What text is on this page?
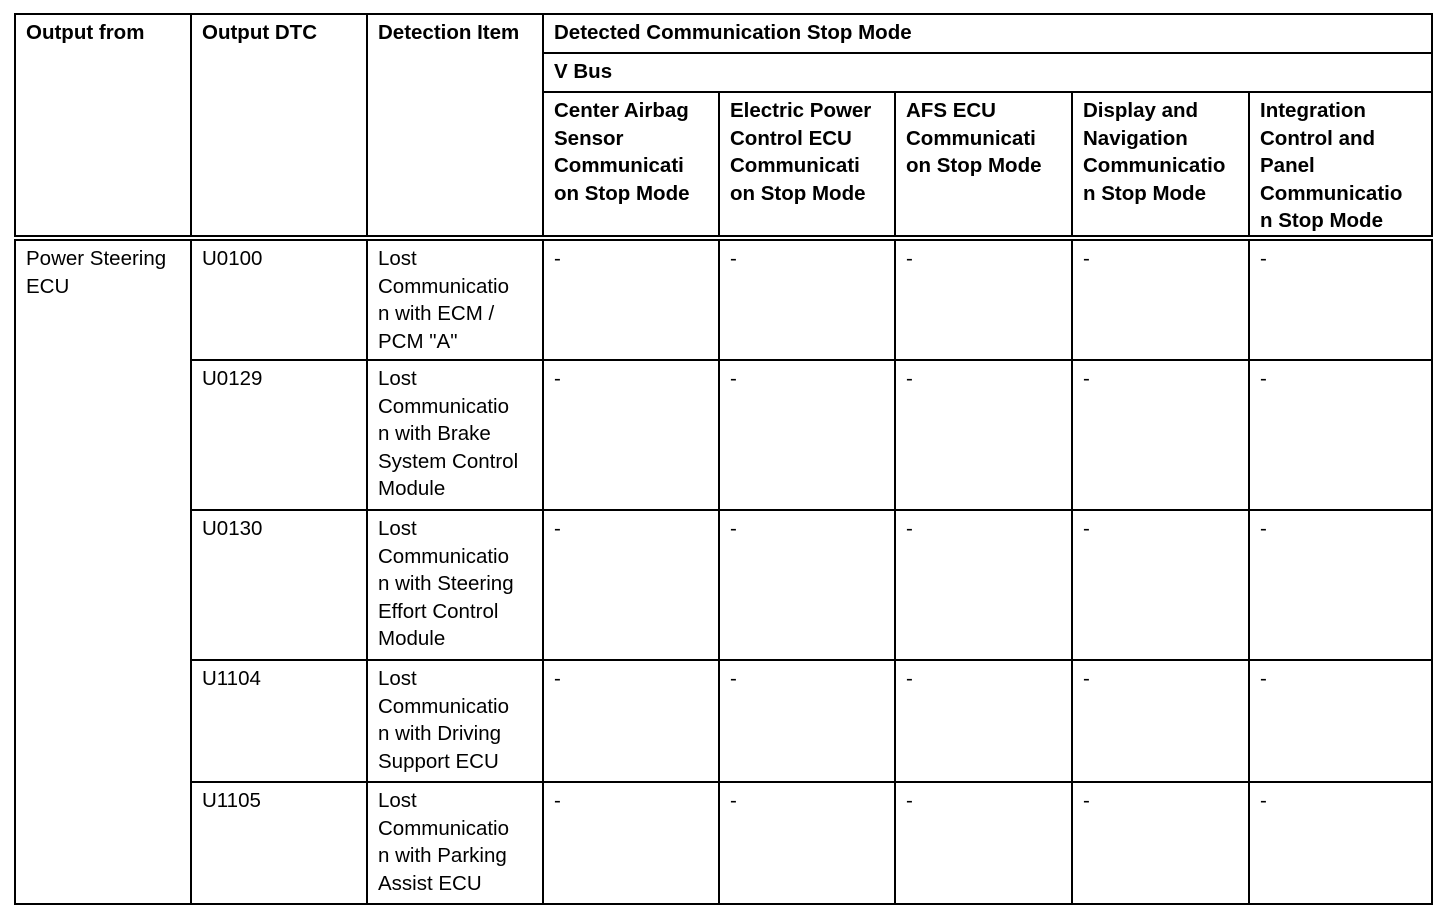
Output from	Output DTC	Detection Item	Detected Communication Stop Mode				
			V Bus				

			Center Airbag
Sensor
Communicati
on Stop Mode	Electric Power
Control ECU
Communicati
on Stop Mode	AFS ECU
Communicati
on Stop Mode	Display and
Navigation
Communicatio
n Stop Mode	Integration
Control and
Panel
Communicatio
n Stop Mode

Power Steering
ECU	U0100	Lost
Communicatio
n with ECM /
PCM "A"	-	-	-	-	-
	U0129	Lost
Communicatio
n with Brake
System Control
Module	-	-	-	-	-
	U0130	Lost
Communicatio
n with Steering
Effort Control
Module	-	-	-	-	-
	U1104	Lost
Communicatio
n with Driving
Support ECU	-	-	-	-	-
	U1105	Lost
Communicatio
n with Parking
Assist ECU	-	-	-	-	-
